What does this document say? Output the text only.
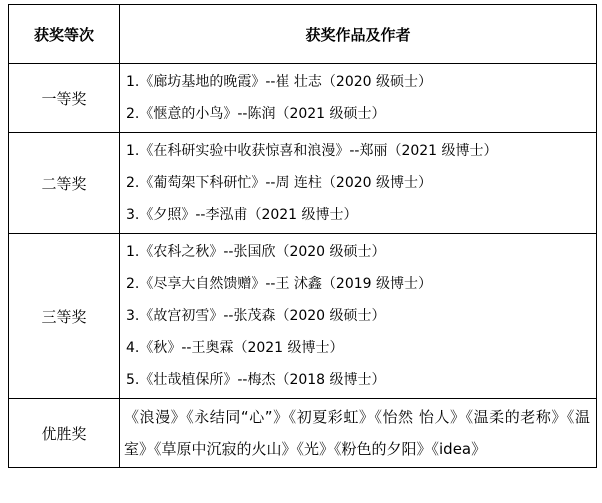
获奖等次	获奖作品及作者
一等奖	1.《廊坊基地的晚霞》--崔 壮志（2020 级硕士）
2.《惬意的小鸟》--陈润（2021 级硕士）

二等奖	1.《在科研实验中收获惊喜和浪漫》--郑丽（2021 级博士）
2.《葡萄架下科研忙》--周 连柱（2020 级博士）
3.《夕照》--李泓甫（2021 级博士）

三等奖	1.《农科之秋》--张国欣（2020 级硕士）
2.《尽享大自然馈赠》--王 沭鑫（2019 级博士）
3.《故宫初雪》--张茂森（2020 级硕士）
4.《秋》--王奥霖（2021 级博士）
5.《壮哉植保所》--梅杰（2018 级博士）

优胜奖	《浪漫》《永结同“心”》《初夏彩虹》《怡然 怡人》《温柔的老称》《温室》《草原中沉寂的火山》《光》《粉色的夕阳》《idea》
